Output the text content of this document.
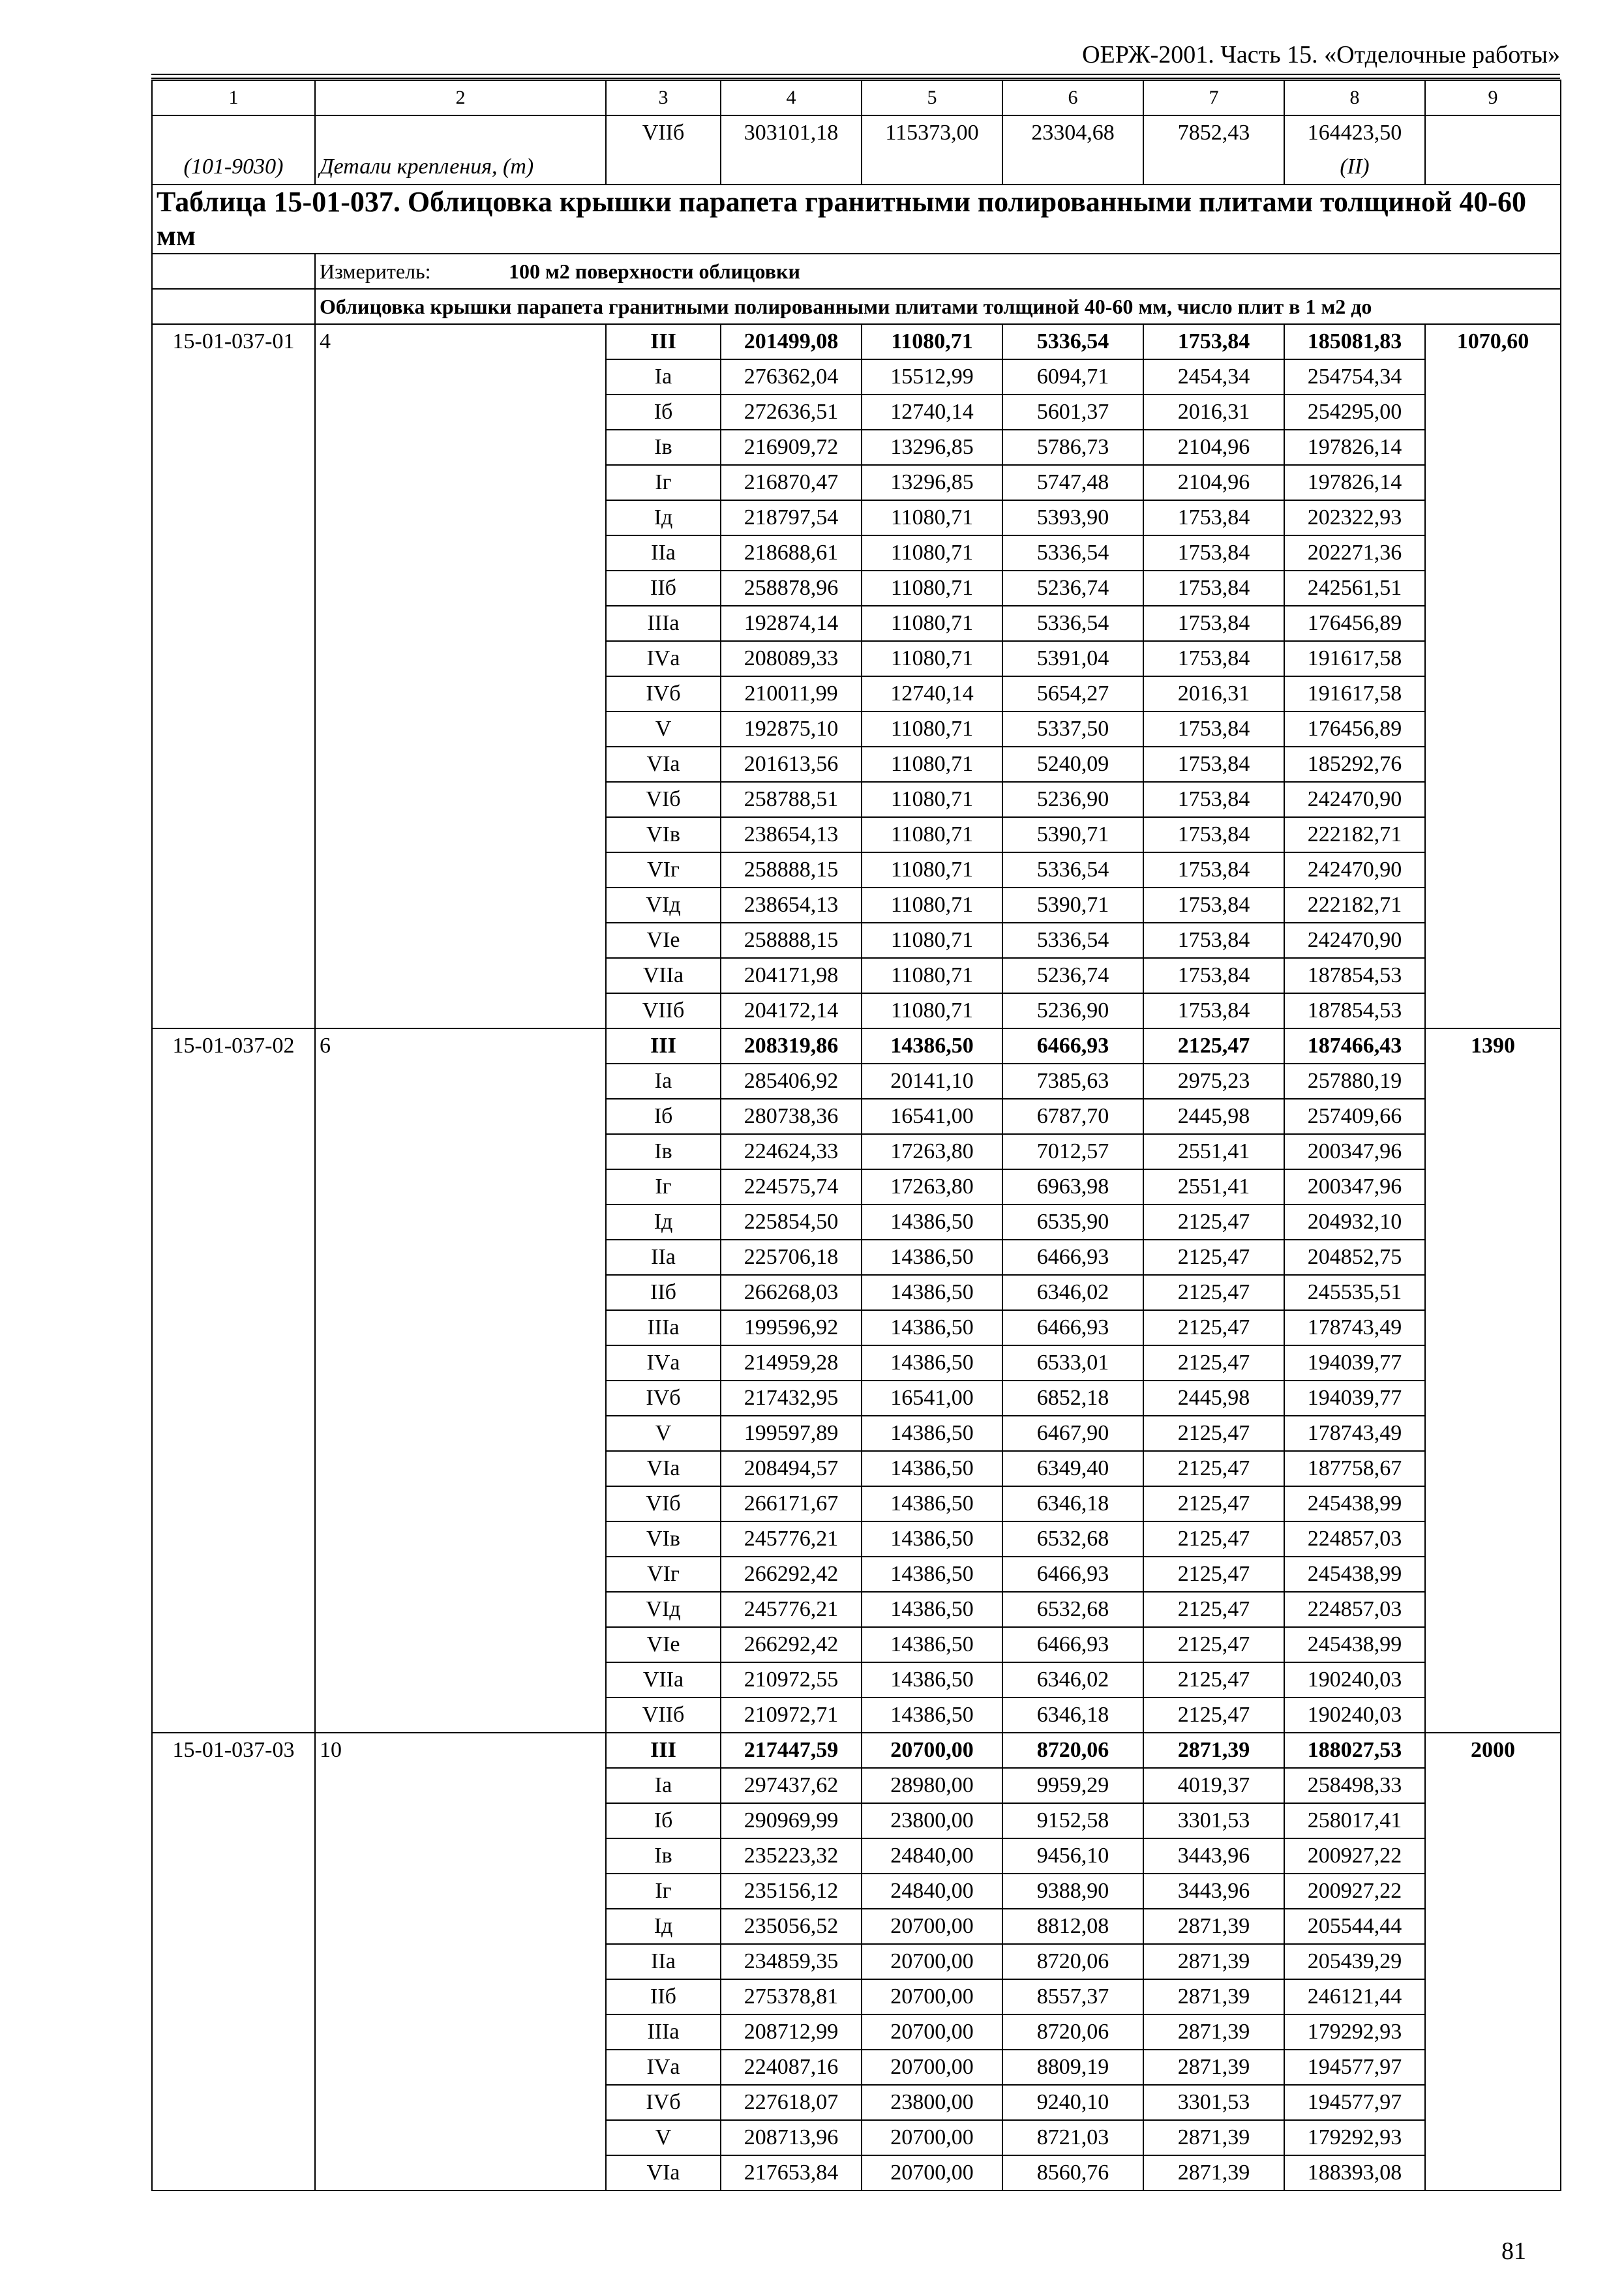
ОЕРЖ-2001. Часть 15. «Отделочные работы»
1	2	3	4	5	6	7	8	9
(101-9030)	Детали крепления, (т)	VIIб	303101,18	115373,00	23304,68	7852,43	164423,50
(II)	

Таблица 15-01-037. Облицовка крышки парапета гранитными полированными плитами толщиной 40-60 мм								
	Измеритель: 100 м2 поверхности облицовки							
	Облицовка крышки парапета гранитными полированными плитами толщиной 40-60 мм, число плит в 1 м2 до							
15-01-037-01	4	III	201499,08	11080,71	5336,54	1753,84	185081,83	1070,60
		Iа	276362,04	15512,99	6094,71	2454,34	254754,34	
		Iб	272636,51	12740,14	5601,37	2016,31	254295,00	
		Iв	216909,72	13296,85	5786,73	2104,96	197826,14	
		Iг	216870,47	13296,85	5747,48	2104,96	197826,14	
		Iд	218797,54	11080,71	5393,90	1753,84	202322,93	
		IIа	218688,61	11080,71	5336,54	1753,84	202271,36	
		IIб	258878,96	11080,71	5236,74	1753,84	242561,51	
		IIIа	192874,14	11080,71	5336,54	1753,84	176456,89	
		IVа	208089,33	11080,71	5391,04	1753,84	191617,58	
		IVб	210011,99	12740,14	5654,27	2016,31	191617,58	
		V	192875,10	11080,71	5337,50	1753,84	176456,89	
		VIа	201613,56	11080,71	5240,09	1753,84	185292,76	
		VIб	258788,51	11080,71	5236,90	1753,84	242470,90	
		VIв	238654,13	11080,71	5390,71	1753,84	222182,71	
		VIг	258888,15	11080,71	5336,54	1753,84	242470,90	
		VIд	238654,13	11080,71	5390,71	1753,84	222182,71	
		VIе	258888,15	11080,71	5336,54	1753,84	242470,90	
		VIIа	204171,98	11080,71	5236,74	1753,84	187854,53	
		VIIб	204172,14	11080,71	5236,90	1753,84	187854,53	
15-01-037-02	6	III	208319,86	14386,50	6466,93	2125,47	187466,43	1390
		Iа	285406,92	20141,10	7385,63	2975,23	257880,19	
		Iб	280738,36	16541,00	6787,70	2445,98	257409,66	
		Iв	224624,33	17263,80	7012,57	2551,41	200347,96	
		Iг	224575,74	17263,80	6963,98	2551,41	200347,96	
		Iд	225854,50	14386,50	6535,90	2125,47	204932,10	
		IIа	225706,18	14386,50	6466,93	2125,47	204852,75	
		IIб	266268,03	14386,50	6346,02	2125,47	245535,51	
		IIIа	199596,92	14386,50	6466,93	2125,47	178743,49	
		IVа	214959,28	14386,50	6533,01	2125,47	194039,77	
		IVб	217432,95	16541,00	6852,18	2445,98	194039,77	
		V	199597,89	14386,50	6467,90	2125,47	178743,49	
		VIа	208494,57	14386,50	6349,40	2125,47	187758,67	
		VIб	266171,67	14386,50	6346,18	2125,47	245438,99	
		VIв	245776,21	14386,50	6532,68	2125,47	224857,03	
		VIг	266292,42	14386,50	6466,93	2125,47	245438,99	
		VIд	245776,21	14386,50	6532,68	2125,47	224857,03	
		VIе	266292,42	14386,50	6466,93	2125,47	245438,99	
		VIIа	210972,55	14386,50	6346,02	2125,47	190240,03	
		VIIб	210972,71	14386,50	6346,18	2125,47	190240,03	
15-01-037-03	10	III	217447,59	20700,00	8720,06	2871,39	188027,53	2000
		Iа	297437,62	28980,00	9959,29	4019,37	258498,33	
		Iб	290969,99	23800,00	9152,58	3301,53	258017,41	
		Iв	235223,32	24840,00	9456,10	3443,96	200927,22	
		Iг	235156,12	24840,00	9388,90	3443,96	200927,22	
		Iд	235056,52	20700,00	8812,08	2871,39	205544,44	
		IIа	234859,35	20700,00	8720,06	2871,39	205439,29	
		IIб	275378,81	20700,00	8557,37	2871,39	246121,44	
		IIIа	208712,99	20700,00	8720,06	2871,39	179292,93	
		IVа	224087,16	20700,00	8809,19	2871,39	194577,97	
		IVб	227618,07	23800,00	9240,10	3301,53	194577,97	
		V	208713,96	20700,00	8721,03	2871,39	179292,93	
		VIа	217653,84	20700,00	8560,76	2871,39	188393,08	
81
